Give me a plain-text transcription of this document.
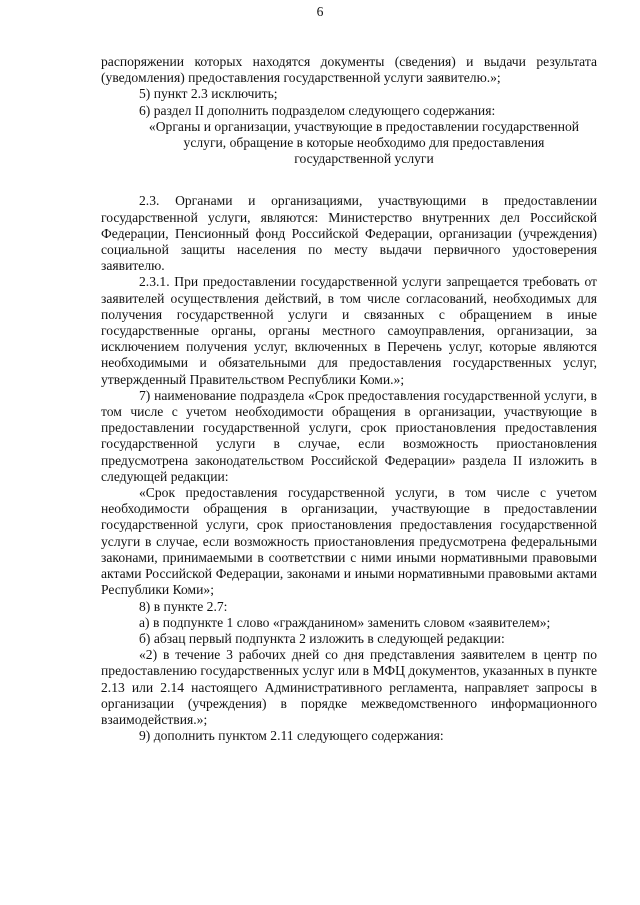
6

распоряжении которых находятся документы (сведения) и выдачи результата (уведомления) предоставления государственной услуги заявителю.»;

5) пункт 2.3 исключить;

6) раздел II дополнить подразделом следующего содержания:

«Органы и организации, участвующие в предоставлении государственной услуги, обращение в которые необходимо для предоставления государственной услуги

2.3. Органами и организациями, участвующими в предоставлении государственной услуги, являются: Министерство внутренних дел Российской Федерации, Пенсионный фонд Российской Федерации, организации (учреждения) социальной защиты населения по месту выдачи первичного удостоверения заявителю.

2.3.1. При предоставлении государственной услуги запрещается требовать от заявителей осуществления действий, в том числе согласований, необходимых для получения государственной услуги и связанных с обращением в иные государственные органы, органы местного самоуправления, организации, за исключением получения услуг, включенных в Перечень услуг, которые являются необходимыми и обязательными для предоставления государственных услуг, утвержденный Правительством Республики Коми.»;

7) наименование подраздела «Срок предоставления государственной услуги, в том числе с учетом необходимости обращения в организации, участвующие в предоставлении государственной услуги, срок приостановления предоставления государственной услуги в случае, если возможность приостановления предусмотрена законодательством Российской Федерации» раздела II изложить в следующей редакции:

«Срок предоставления государственной услуги, в том числе с учетом необходимости обращения в организации, участвующие в предоставлении государственной услуги, срок приостановления предоставления государственной услуги в случае, если возможность приостановления предусмотрена федеральными законами, принимаемыми в соответствии с ними иными нормативными правовыми актами Российской Федерации, законами и иными нормативными правовыми актами Республики Коми»;

8) в пункте 2.7:

а) в подпункте 1 слово «гражданином» заменить словом «заявителем»;

б) абзац первый подпункта 2 изложить в следующей редакции:

«2) в течение 3 рабочих дней со дня представления заявителем в центр по предоставлению государственных услуг или в МФЦ документов, указанных в пункте 2.13 или 2.14 настоящего Административного регламента, направляет запросы в организации (учреждения) в порядке межведомственного информационного взаимодействия.»;

9) дополнить пунктом 2.11 следующего содержания:
